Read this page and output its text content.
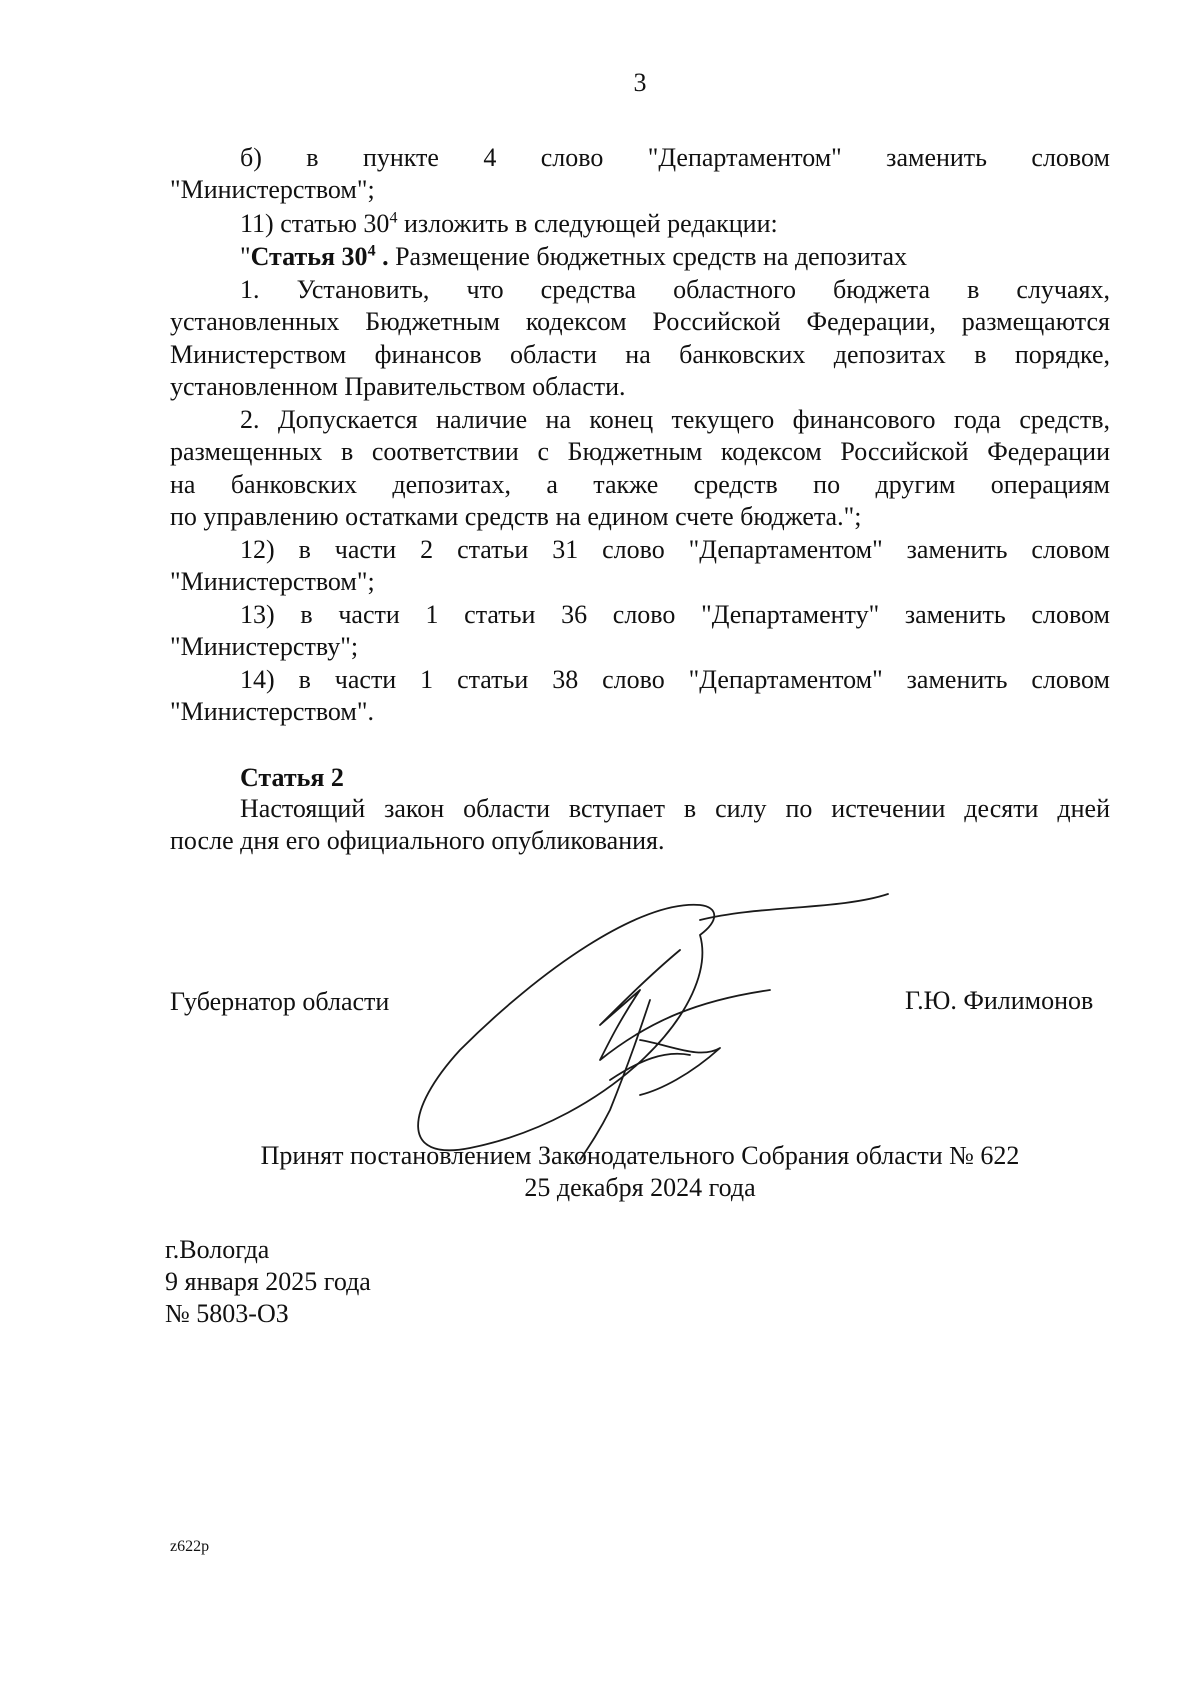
3
б) в пункте 4 слово "Департаментом" заменить словом
"Министерством";
11) статью $30^4$ изложить в следующей редакции:
"Статья $30^4$ . Размещение бюджетных средств на депозитах
1. Установить, что средства областного бюджета в случаях,
установленных Бюджетным кодексом Российской Федерации, размещаются
Министерством финансов области на банковских депозитах в порядке,
установленном Правительством области.
2. Допускается наличие на конец текущего финансового года средств,
размещенных в соответствии с Бюджетным кодексом Российской Федерации
на банковских депозитах, а также средств по другим операциям
по управлению остатками средств на едином счете бюджета.";
12) в части 2 статьи 31 слово "Департаментом" заменить словом
"Министерством";
13) в части 1 статьи 36 слово "Департаменту" заменить словом
"Министерству";
14) в части 1 статьи 38 слово "Департаментом" заменить словом
"Министерством".
Статья 2
Настоящий закон области вступает в силу по истечении десяти дней
после дня его официального опубликования.
Губернатор области	Г.Ю. Филимонов
Принят постановлением Законодательного Собрания области № 622
25 декабря 2024 года
г.Вологда
9 января 2025 года
№ 5803-ОЗ
z622p
